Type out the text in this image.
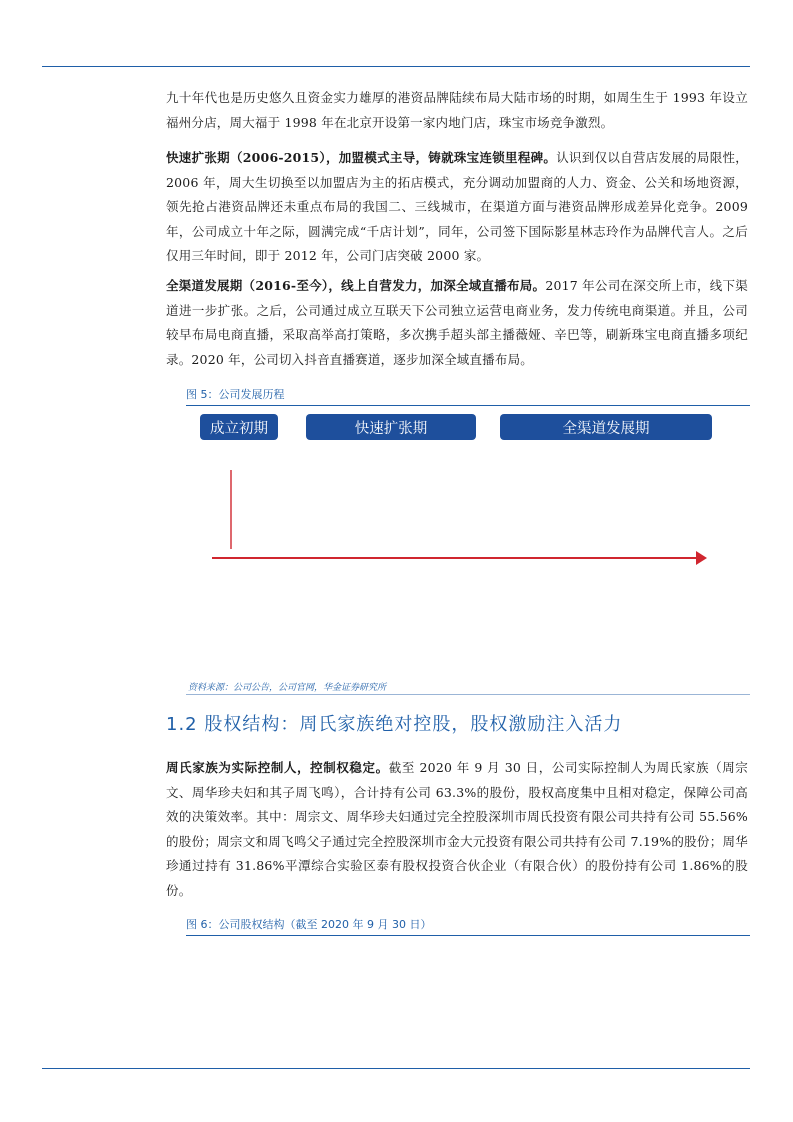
九十年代也是历史悠久且资金实力雄厚的港资品牌陆续布局大陆市场的时期，如周生生于 1993 年设立福州分店，周大福于 1998 年在北京开设第一家内地门店，珠宝市场竞争激烈。
快速扩张期（2006-2015），加盟模式主导，铸就珠宝连锁里程碑。认识到仅以自营店发展的局限性，2006 年，周大生切换至以加盟店为主的拓店模式，充分调动加盟商的人力、资金、公关和场地资源，领先抢占港资品牌还未重点布局的我国二、三线城市，在渠道方面与港资品牌形成差异化竞争。2009 年，公司成立十年之际，圆满完成“千店计划”，同年，公司签下国际影星林志玲作为品牌代言人。之后仅用三年时间，即于 2012 年，公司门店突破 2000 家。
全渠道发展期（2016-至今），线上自营发力，加深全域直播布局。2017 年公司在深交所上市，线下渠道进一步扩张。之后，公司通过成立互联天下公司独立运营电商业务，发力传统电商渠道。并且，公司较早布局电商直播，采取高举高打策略，多次携手超头部主播薇娅、辛巴等，刷新珠宝电商直播多项纪录。2020 年，公司切入抖音直播赛道，逐步加深全域直播布局。
图 5：公司发展历程
成立初期	快速扩张期	全渠道发展期
资料来源：公司公告，公司官网，华金证券研究所
1.2 股权结构：周氏家族绝对控股，股权激励注入活力
周氏家族为实际控制人，控制权稳定。截至 2020 年 9 月 30 日，公司实际控制人为周氏家族（周宗文、周华珍夫妇和其子周飞鸣），合计持有公司 63.3%的股份，股权高度集中且相对稳定，保障公司高效的决策效率。其中：周宗文、周华珍夫妇通过完全控股深圳市周氏投资有限公司共持有公司 55.56%的股份；周宗文和周飞鸣父子通过完全控股深圳市金大元投资有限公司共持有公司 7.19%的股份；周华珍通过持有 31.86%平潭综合实验区泰有股权投资合伙企业（有限合伙）的股份持有公司 1.86%的股份。
图 6：公司股权结构（截至 2020 年 9 月 30 日）
